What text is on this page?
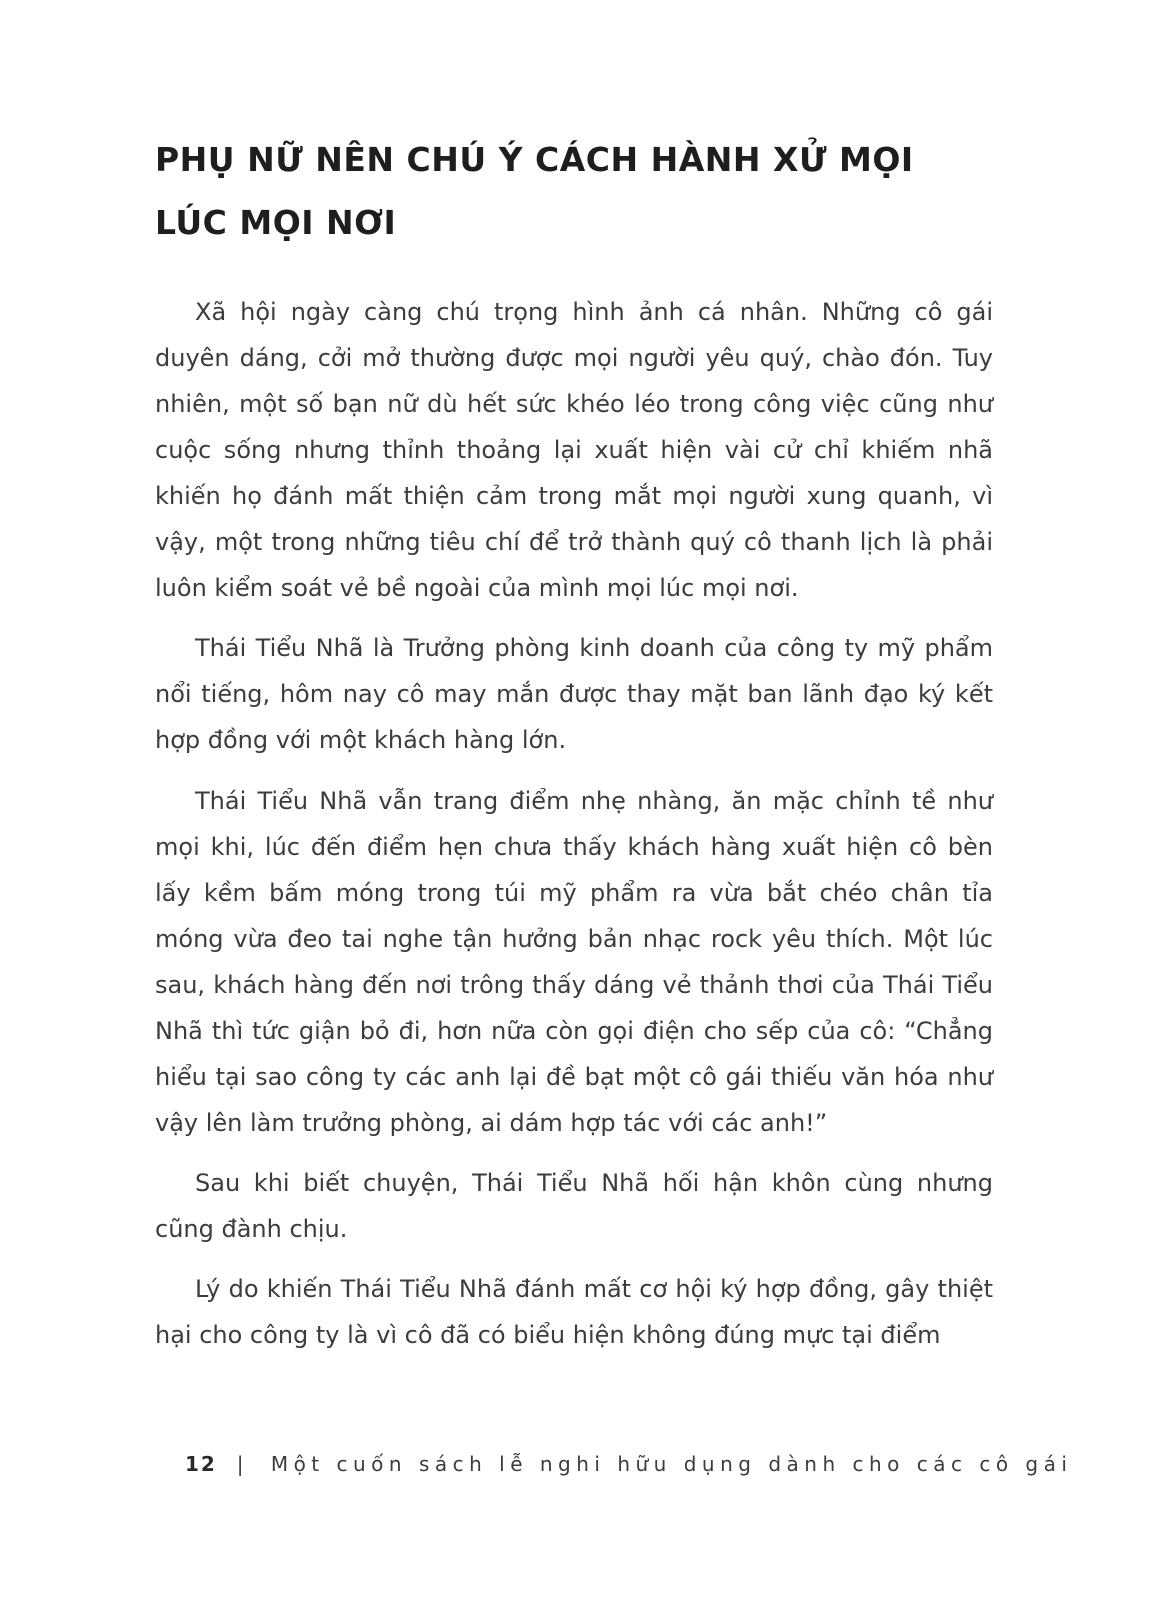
PHỤ NỮ NÊN CHÚ Ý CÁCH HÀNH XỬ MỌI LÚC MỌI NƠI

Xã hội ngày càng chú trọng hình ảnh cá nhân. Những cô gái duyên dáng, cởi mở thường được mọi người yêu quý, chào đón. Tuy nhiên, một số bạn nữ dù hết sức khéo léo trong công việc cũng như cuộc sống nhưng thỉnh thoảng lại xuất hiện vài cử chỉ khiếm nhã khiến họ đánh mất thiện cảm trong mắt mọi người xung quanh, vì vậy, một trong những tiêu chí để trở thành quý cô thanh lịch là phải luôn kiểm soát vẻ bề ngoài của mình mọi lúc mọi nơi.

Thái Tiểu Nhã là Trưởng phòng kinh doanh của công ty mỹ phẩm nổi tiếng, hôm nay cô may mắn được thay mặt ban lãnh đạo ký kết hợp đồng với một khách hàng lớn.

Thái Tiểu Nhã vẫn trang điểm nhẹ nhàng, ăn mặc chỉnh tề như mọi khi, lúc đến điểm hẹn chưa thấy khách hàng xuất hiện cô bèn lấy kềm bấm móng trong túi mỹ phẩm ra vừa bắt chéo chân tỉa móng vừa đeo tai nghe tận hưởng bản nhạc rock yêu thích. Một lúc sau, khách hàng đến nơi trông thấy dáng vẻ thảnh thơi của Thái Tiểu Nhã thì tức giận bỏ đi, hơn nữa còn gọi điện cho sếp của cô: “Chẳng hiểu tại sao công ty các anh lại đề bạt một cô gái thiếu văn hóa như vậy lên làm trưởng phòng, ai dám hợp tác với các anh!”

Sau khi biết chuyện, Thái Tiểu Nhã hối hận khôn cùng nhưng cũng đành chịu.

Lý do khiến Thái Tiểu Nhã đánh mất cơ hội ký hợp đồng, gây thiệt hại cho công ty là vì cô đã có biểu hiện không đúng mực tại điểm

12 | Một cuốn sách lễ nghi hữu dụng dành cho các cô gái
